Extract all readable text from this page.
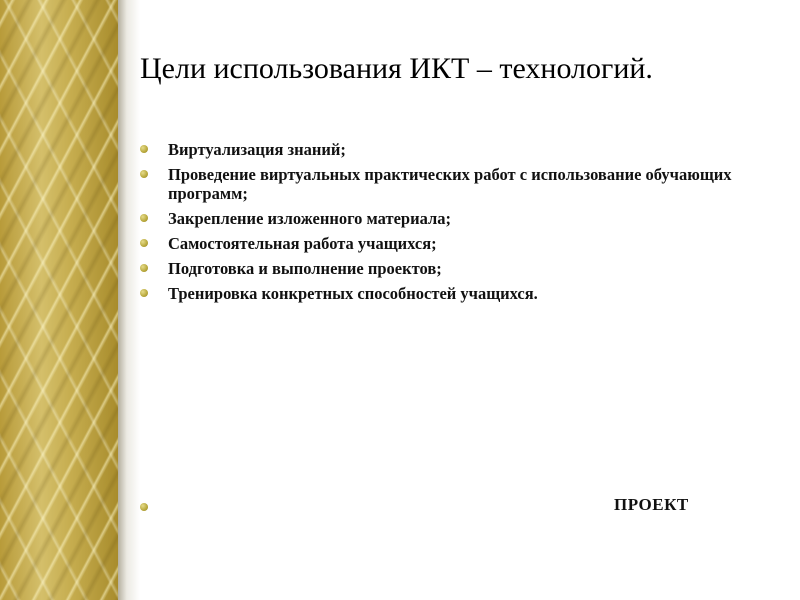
Цели использования ИКТ – технологий.
Виртуализация знаний;
Проведение виртуальных практических работ с использование обучающих программ;
Закрепление изложенного материала;
Самостоятельная работа учащихся;
Подготовка и выполнение проектов;
Тренировка конкретных способностей учащихся.
ПРОЕКТ
